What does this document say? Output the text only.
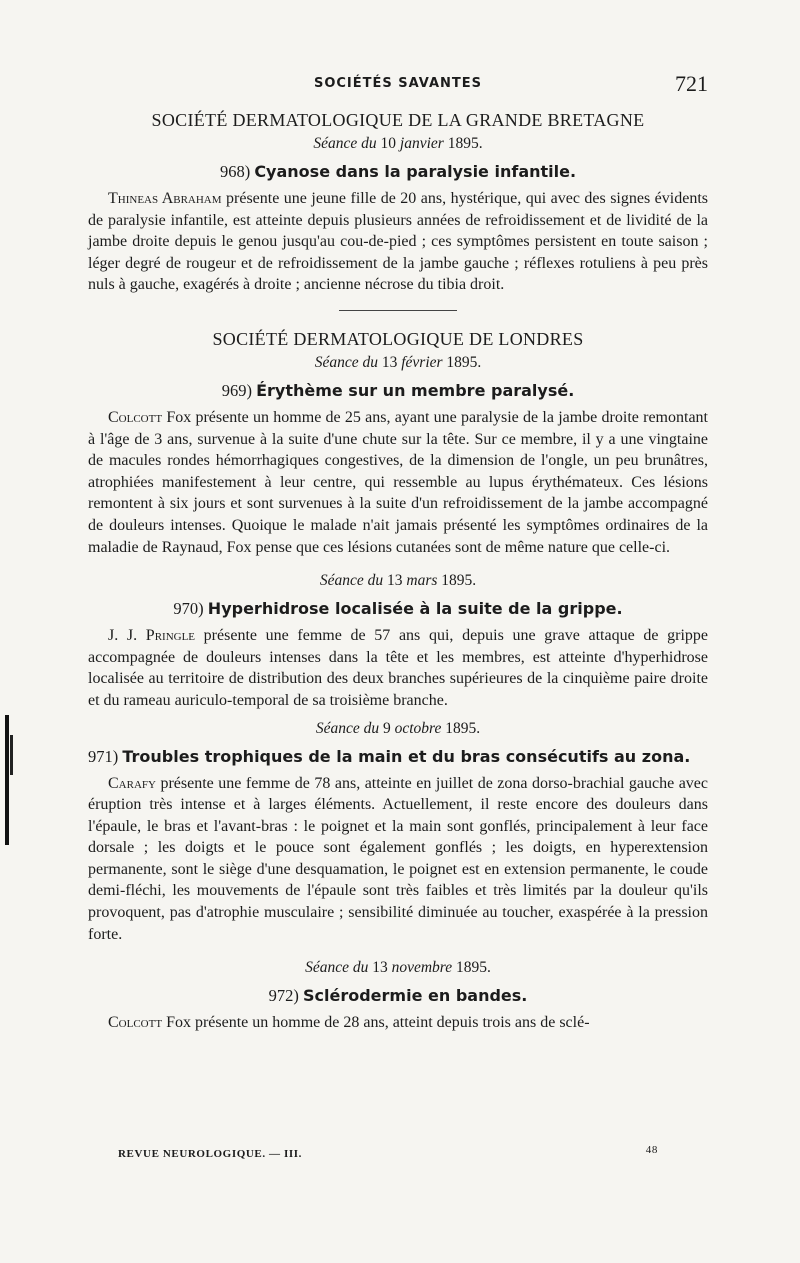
SOCIÉTÉS SAVANTES	721
SOCIÉTÉ DERMATOLOGIQUE DE LA GRANDE BRETAGNE
Séance du 10 janvier 1895.
968) Cyanose dans la paralysie infantile.

Thineas Abraham présente une jeune fille de 20 ans, hystérique, qui avec des signes évidents de paralysie infantile, est atteinte depuis plusieurs années de refroidissement et de lividité de la jambe droite depuis le genou jusqu'au cou-de-pied ; ces symptômes persistent en toute saison ; léger degré de rougeur et de refroidissement de la jambe gauche ; réflexes rotuliens à peu près nuls à gauche, exagérés à droite ; ancienne nécrose du tibia droit.

SOCIÉTÉ DERMATOLOGIQUE DE LONDRES
Séance du 13 février 1895.
969) Érythème sur un membre paralysé.

Colcott Fox présente un homme de 25 ans, ayant une paralysie de la jambe droite remontant à l'âge de 3 ans, survenue à la suite d'une chute sur la tête. Sur ce membre, il y a une vingtaine de macules rondes hémorrhagiques congestives, de la dimension de l'ongle, un peu brunâtres, atrophiées manifestement à leur centre, qui ressemble au lupus érythémateux. Ces lésions remontent à six jours et sont survenues à la suite d'un refroidissement de la jambe accompagné de douleurs intenses. Quoique le malade n'ait jamais présenté les symptômes ordinaires de la maladie de Raynaud, Fox pense que ces lésions cutanées sont de même nature que celle-ci.

Séance du 13 mars 1895.
970) Hyperhidrose localisée à la suite de la grippe.

J. J. Pringle présente une femme de 57 ans qui, depuis une grave attaque de grippe accompagnée de douleurs intenses dans la tête et les membres, est atteinte d'hyperhidrose localisée au territoire de distribution des deux branches supérieures de la cinquième paire droite et du rameau auriculo-temporal de sa troisième branche.

Séance du 9 octobre 1895.
971) Troubles trophiques de la main et du bras consécutifs au zona.

Carafy présente une femme de 78 ans, atteinte en juillet de zona dorso-brachial gauche avec éruption très intense et à larges éléments. Actuellement, il reste encore des douleurs dans l'épaule, le bras et l'avant-bras : le poignet et la main sont gonflés, principalement à leur face dorsale ; les doigts et le pouce sont également gonflés ; les doigts, en hyperextension permanente, sont le siège d'une desquamation, le poignet est en extension permanente, le coude demi-fléchi, les mouvements de l'épaule sont très faibles et très limités par la douleur qu'ils provoquent, pas d'atrophie musculaire ; sensibilité diminuée au toucher, exaspérée à la pression forte.

Séance du 13 novembre 1895.
972) Sclérodermie en bandes.

Colcott Fox présente un homme de 28 ans, atteint depuis trois ans de sclé-

REVUE NEUROLOGIQUE. — III.	48
